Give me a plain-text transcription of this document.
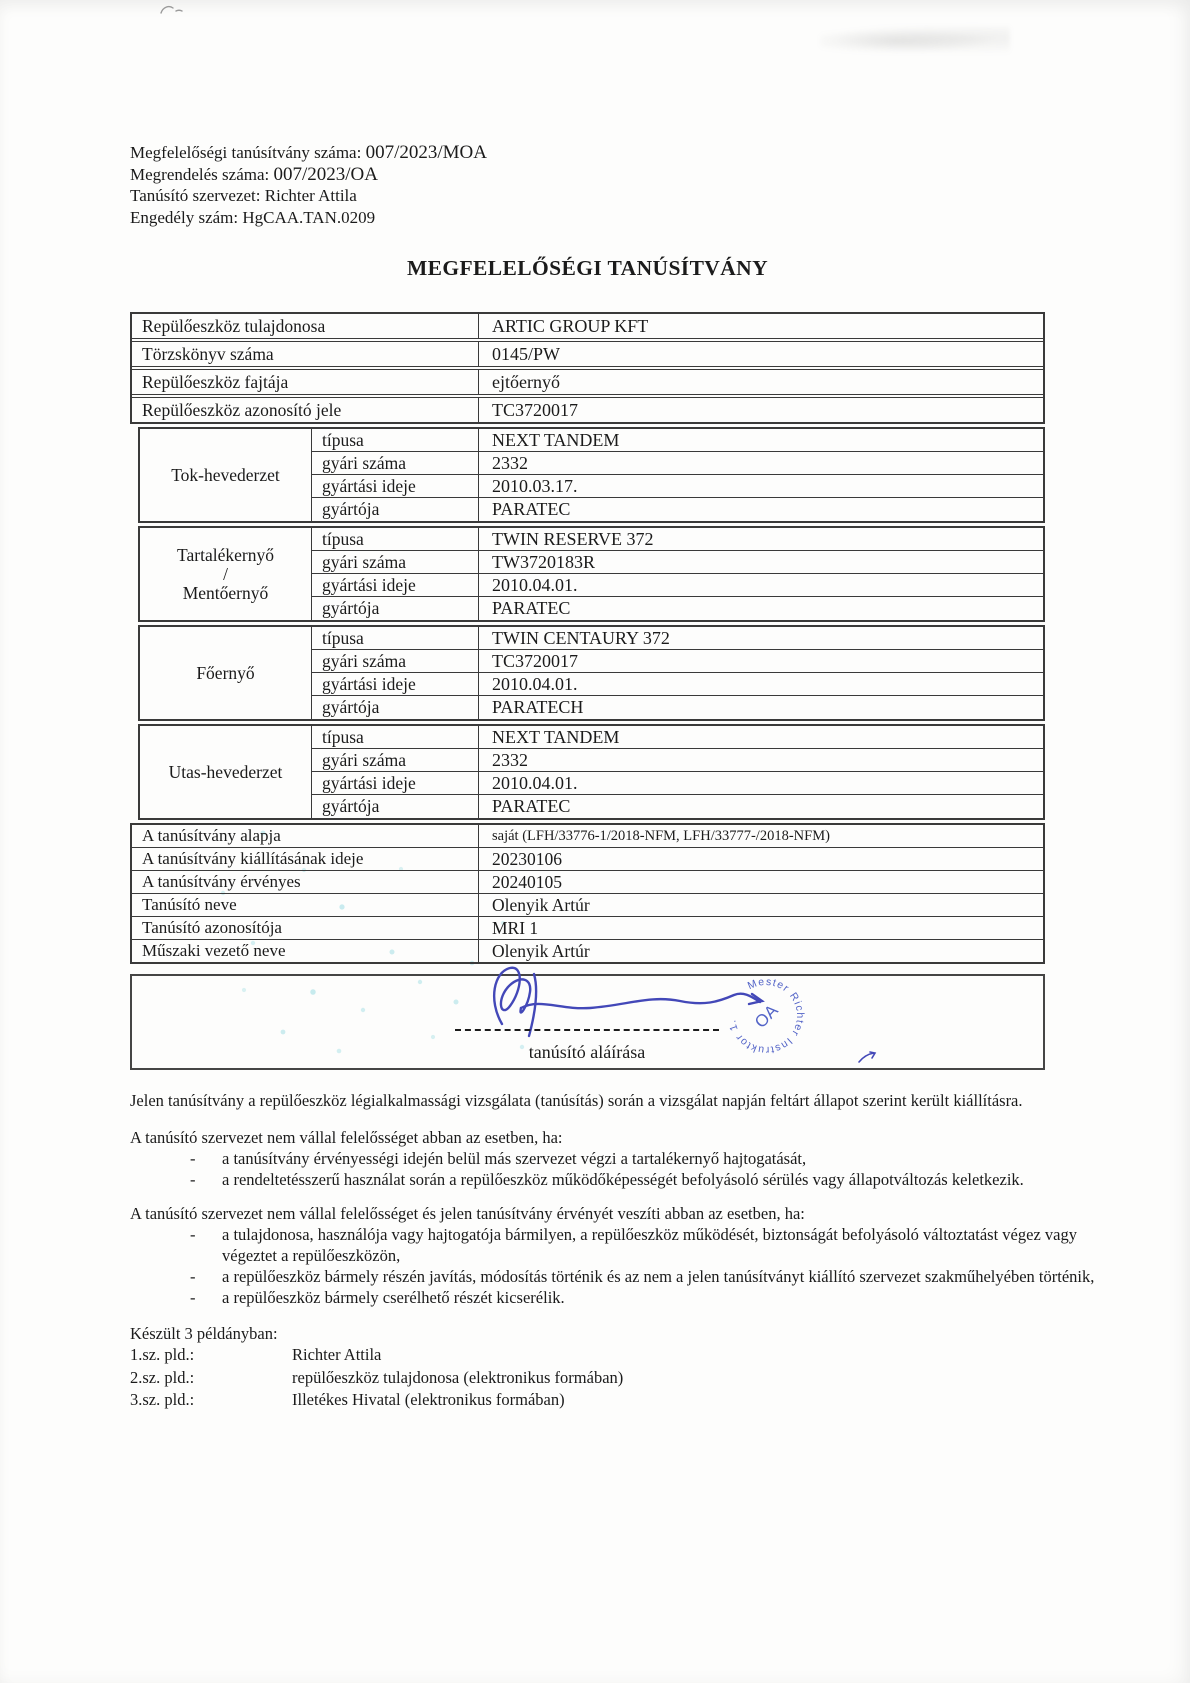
Megfelelőségi tanúsítvány száma: 007/2023/MOA
Megrendelés száma: 007/2023/OA
Tanúsító szervezet: Richter Attila
Engedély szám: HgCAA.TAN.0209
MEGFELELŐSÉGI TANÚSÍTVÁNY
Repülőeszköz tulajdonosa	ARTIC GROUP KFT
Törzskönyv száma	0145/PW
Repülőeszköz fajtája	ejtőernyő
Repülőeszköz azonosító jele	TC3720017
Tok-hevederzet
típusa	NEXT TANDEM
gyári száma	2332
gyártási ideje	2010.03.17.
gyártója	PARATEC
Tartalékernyő
/
Mentőernyő
típusa	TWIN RESERVE 372
gyári száma	TW3720183R
gyártási ideje	2010.04.01.
gyártója	PARATEC
Főernyő
típusa	TWIN CENTAURY 372
gyári száma	TC3720017
gyártási ideje	2010.04.01.
gyártója	PARATECH
Utas-hevederzet
típusa	NEXT TANDEM
gyári száma	2332
gyártási ideje	2010.04.01.
gyártója	PARATEC
A tanúsítvány alapja	saját (LFH/33776-1/2018-NFM, LFH/33777-/2018-NFM)
A tanúsítvány kiállításának ideje	20230106
A tanúsítvány érvényes	20240105
Tanúsító neve	Olenyik Artúr
Tanúsító azonosítója	MRI 1
Műszaki vezető neve	Olenyik Artúr
tanúsító aláírása
Mester Richter Instruktor 1. OA

Jelen tanúsítvány a repülőeszköz légialkalmassági vizsgálata (tanúsítás) során a vizsgálat napján feltárt állapot szerint került kiállításra.

A tanúsító szervezet nem vállal felelősséget abban az esetben, ha:

-	a tanúsítvány érvényességi idején belül más szervezet végzi a tartalékernyő hajtogatását,
-	a rendeltetésszerű használat során a repülőeszköz működőképességét befolyásoló sérülés vagy állapotváltozás keletkezik.

A tanúsító szervezet nem vállal felelősséget és jelen tanúsítvány érvényét veszíti abban az esetben, ha:

-	a tulajdonosa, használója vagy hajtogatója bármilyen, a repülőeszköz működését, biztonságát befolyásoló változtatást végez vagy végeztet a repülőeszközön,
-	a repülőeszköz bármely részén javítás, módosítás történik és az nem a jelen tanúsítványt kiállító szervezet szakműhelyében történik,
-	a repülőeszköz bármely cserélhető részét kicserélik.

Készült 3 példányban:

1.sz. pld.:	Richter Attila
2.sz. pld.:	repülőeszköz tulajdonosa (elektronikus formában)
3.sz. pld.:	Illetékes Hivatal (elektronikus formában)
